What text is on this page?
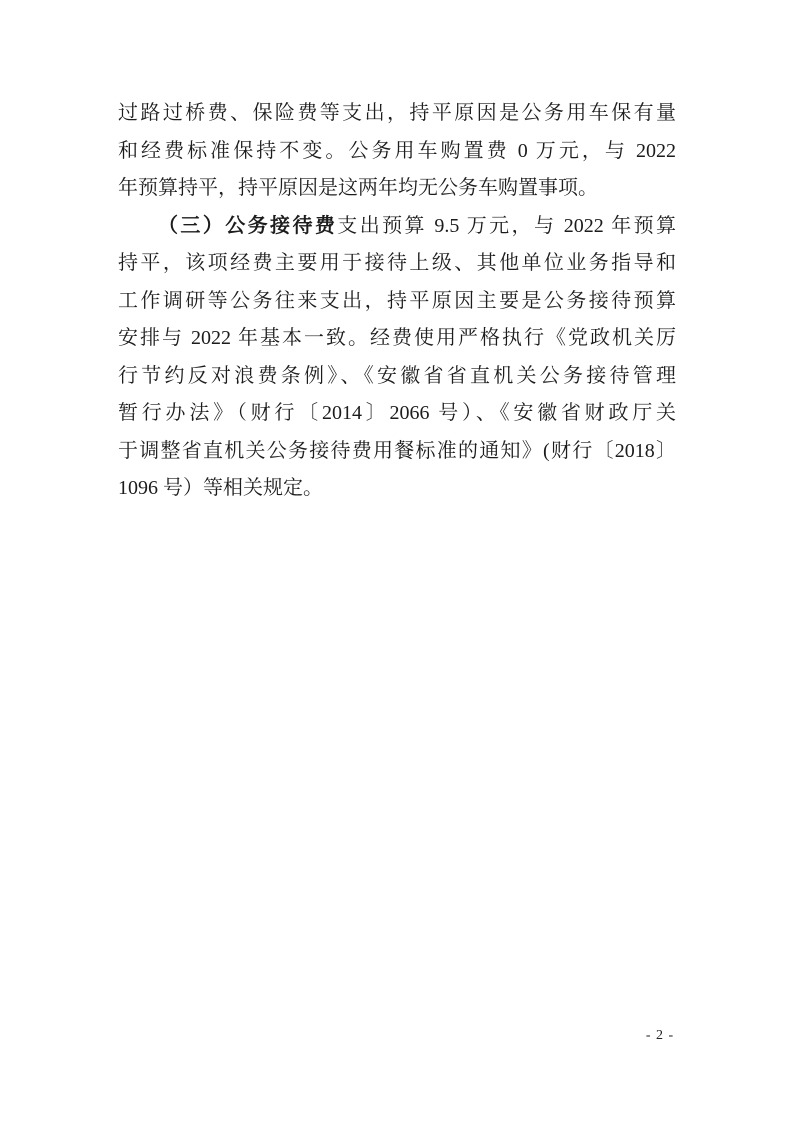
过路过桥费、保险费等支出，持平原因是公务用车保有量
和经费标准保持不变。公务用车购置费 0 万元，与 2022
年预算持平，持平原因是这两年均无公务车购置事项。
（三）公务接待费支出预算 9.5 万元，与 2022 年预算
持平，该项经费主要用于接待上级、其他单位业务指导和
工作调研等公务往来支出，持平原因主要是公务接待预算
安排与 2022 年基本一致。经费使用严格执行《党政机关厉
行节约反对浪费条例》、《安徽省省直机关公务接待管理
暂行办法》（财行〔2014〕2066 号）、《安徽省财政厅关
于调整省直机关公务接待费用餐标准的通知》(财行〔2018〕
1096 号）等相关规定。
- 2 -
